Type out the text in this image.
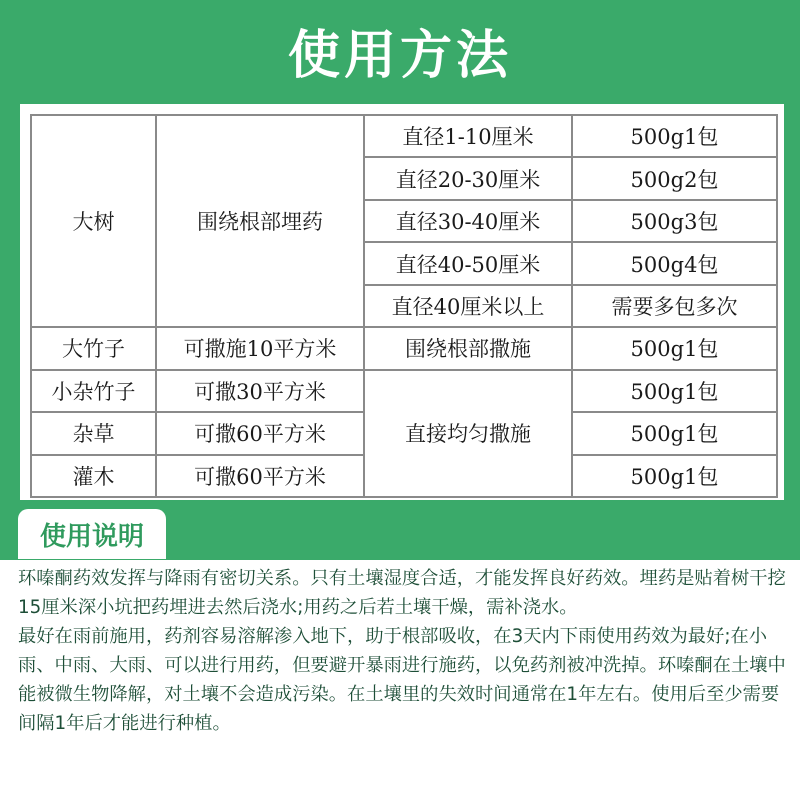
使用方法
大树	围绕根部埋药	直径1-10厘米	500g1包
		直径20-30厘米	500g2包
		直径30-40厘米	500g3包
		直径40-50厘米	500g4包
		直径40厘米以上	需要多包多次
大竹子	可撒施10平方米	围绕根部撒施	500g1包
小杂竹子	可撒30平方米	直接均匀撒施	500g1包
杂草	可撒60平方米		500g1包
灌木	可撒60平方米		500g1包
使用说明

环嗪酮药效发挥与降雨有密切关系。只有土壤湿度合适，才能发挥良好药效。埋药是贴着树干挖15厘米深小坑把药埋进去然后浇水;用药之后若土壤干燥，需补浇水。

最好在雨前施用，药剂容易溶解渗入地下，助于根部吸收，在3天内下雨使用药效为最好;在小雨、中雨、大雨、可以进行用药，但要避开暴雨进行施药，以免药剂被冲洗掉。环嗪酮在土壤中能被微生物降解，对土壤不会造成污染。在土壤里的失效时间通常在1年左右。使用后至少需要间隔1年后才能进行种植。
